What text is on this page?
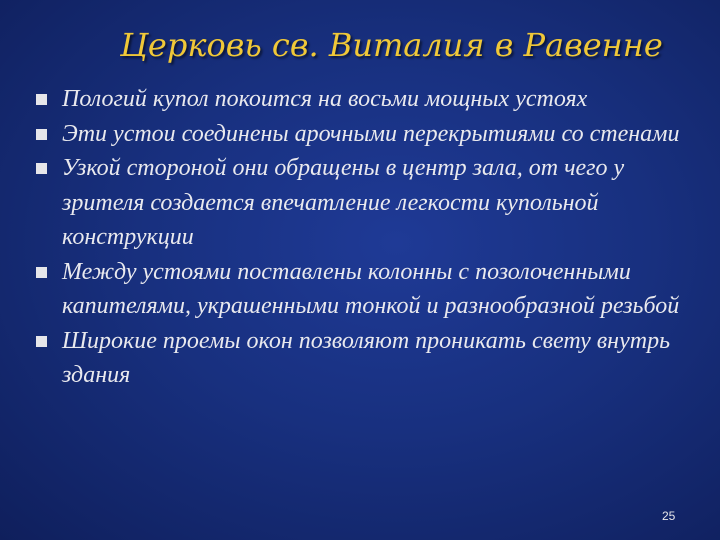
Церковь св. Виталия в Равенне
Пологий купол покоится на восьми мощных устоях
Эти устои соединены арочными перекрытиями со стенами
Узкой стороной они обращены в центр зала, от чего у зрителя создается впечатление легкости купольной конструкции
Между устоями поставлены колонны с позолоченными капителями, украшенными тонкой и разнообразной резьбой
Широкие проемы окон позволяют проникать свету внутрь здания
25
